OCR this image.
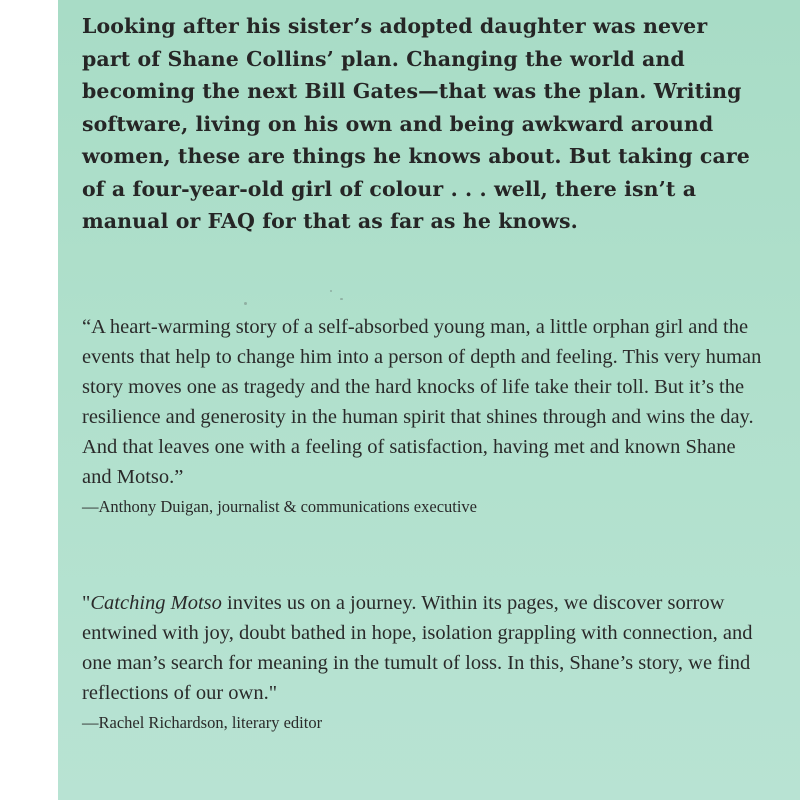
Looking after his sister’s adopted daughter was never part of Shane Collins’ plan. Changing the world and becoming the next Bill Gates—that was the plan. Writing software, living on his own and being awkward around women, these are things he knows about. But taking care of a four-year-old girl of colour . . . well, there isn’t a manual or FAQ for that as far as he knows.

“A heart-warming story of a self-absorbed young man, a little orphan girl and the events that help to change him into a person of depth and feeling. This very human story moves one as tragedy and the hard knocks of life take their toll. But it’s the resilience and generosity in the human spirit that shines through and wins the day. And that leaves one with a feeling of satisfaction, having met and known Shane and Motso.”
—Anthony Duigan, journalist & communications executive
"Catching Motso invites us on a journey. Within its pages, we discover sorrow entwined with joy, doubt bathed in hope, isolation grappling with connection, and one man’s search for meaning in the tumult of loss. In this, Shane’s story, we find reflections of our own."
—Rachel Richardson, literary editor
